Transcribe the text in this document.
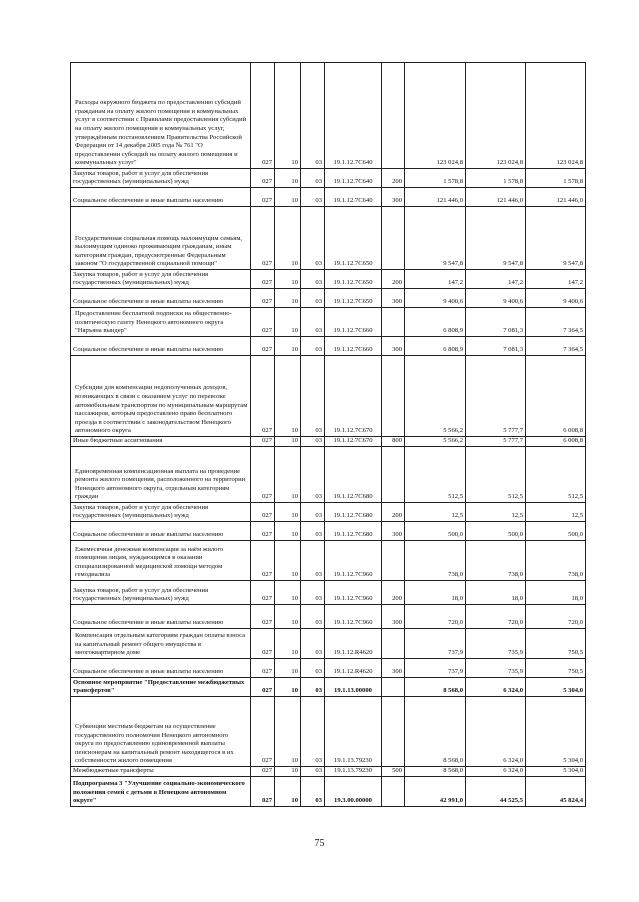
Расходы окружного бюджета по предоставлению субсидий гражданам на оплату жилого помещения и коммунальных услуг в соответствии с Правилами предоставления субсидий на оплату жилого помещения и коммунальных услуг, утверждённым постановлением Правительства Российской Федерации от 14 декабря 2005 года № 761 "О предоставлении субсидий на оплату жилого помещения и коммунальных услуг"	027	10	03	19.1.12.7С640		123 024,8	123 024,8	123 024,8
Закупка товаров, работ и услуг для обеспечения государственных (муниципальных) нужд	027	10	03	19.1.12.7С640	200	1 578,8	1 578,8	1 578,8
Социальное обеспечение и иные выплаты населению	027	10	03	19.1.12.7С640	300	121 446,0	121 446,0	121 446,0
Государственная социальная помощь малоимущим семьям, малоимущим одиноко проживающим гражданам, иным категориям граждан, предусмотренные Федеральным законом "О государственной социальной помощи"	027	10	03	19.1.12.7С650		9 547,8	9 547,8	9 547,8
Закупка товаров, работ и услуг для обеспечения государственных (муниципальных) нужд	027	10	03	19.1.12.7С650	200	147,2	147,2	147,2
Социальное обеспечение и иные выплаты населению	027	10	03	19.1.12.7С650	300	9 400,6	9 400,6	9 400,6
Предоставление бесплатной подписки на общественно-политическую газету Ненецкого автономного округа "Няръяна вындер"	027	10	03	19.1.12.7С660		6 808,9	7 081,3	7 364,5
Социальное обеспечение и иные выплаты населению	027	10	03	19.1.12.7С660	300	6 808,9	7 081,3	7 364,5
Субсидии для компенсации недополученных доходов, возникающих в связи с оказанием услуг по перевозке автомобильным транспортом по муниципальным маршрутам пассажиров, которым предоставлено право бесплатного проезда в соответствии с законодательством Ненецкого автономного округа	027	10	03	19.1.12.7С670		5 566,2	5 777,7	6 008,8
Иные бюджетные ассигнования	027	10	03	19.1.12.7С670	800	5 566,2	5 777,7	6 008,8
Единовременная компенсационная выплата на проведение ремонта жилого помещения, расположенного на территории Ненецкого автономного округа, отдельным категориям граждан	027	10	03	19.1.12.7С680		512,5	512,5	512,5
Закупка товаров, работ и услуг для обеспечения государственных (муниципальных) нужд	027	10	03	19.1.12.7С680	200	12,5	12,5	12,5
Социальное обеспечение и иные выплаты населению	027	10	03	19.1.12.7С680	300	500,0	500,0	500,0
Ежемесячная денежная компенсация за наём жилого помещения лицам, нуждающимся в оказании специализированной медицинской помощи методом гемодиализа	027	10	03	19.1.12.7С960		738,0	738,0	738,0
Закупка товаров, работ и услуг для обеспечения государственных (муниципальных) нужд	027	10	03	19.1.12.7С960	200	18,0	18,0	18,0
Социальное обеспечение и иные выплаты населению	027	10	03	19.1.12.7С960	300	720,0	720,0	720,0
Компенсация отдельным категориям граждан оплаты взноса на капитальный ремонт общего имущества в многоквартирном доме	027	10	03	19.1.12.R4620		737,9	735,9	750,5
Социальное обеспечение и иные выплаты населению	027	10	03	19.1.12.R4620	300	737,9	735,9	750,5
Основное мероприятие "Предоставление межбюджетных трансфертов"	027	10	03	19.1.13.00000		8 568,0	6 324,0	5 304,0
Субвенции местным бюджетам на осуществление государственного полномочия Ненецкого автономного округа по предоставлению единовременной выплаты пенсионерам на капитальный ремонт находящегося в их собственности жилого помещения	027	10	03	19.1.13.79230		8 568,0	6 324,0	5 304,0
Межбюджетные трансферты	027	10	03	19.1.13.79230	500	8 568,0	6 324,0	5 304,0
Подпрограмма 3 "Улучшение социально-экономического положения семей с детьми в Ненецком автономном округе"	027	10	03	19.3.00.00000		42 991,0	44 525,5	45 824,4
75
